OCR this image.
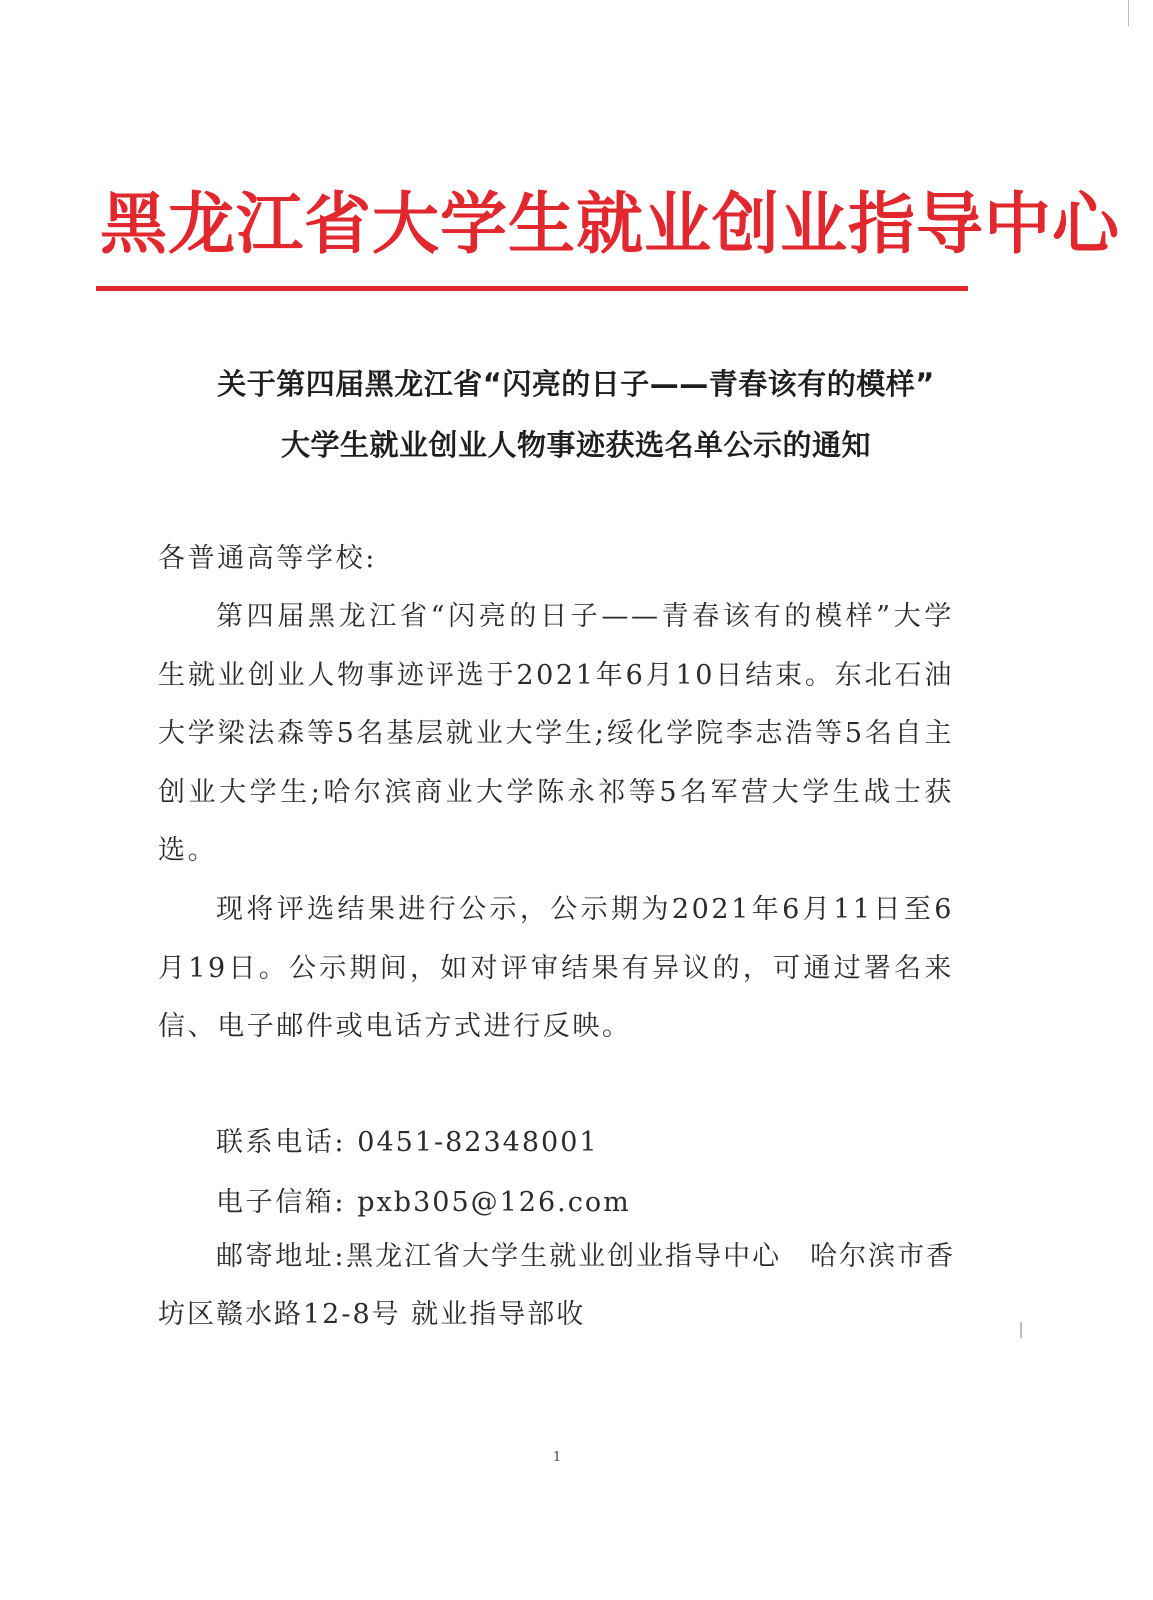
黑龙江省大学生就业创业指导中心
关于第四届黑龙江省“闪亮的日子——青春该有的模样”
大学生就业创业人物事迹获选名单公示的通知
各普通高等学校:
第四届黑龙江省“闪亮的日子——青春该有的模样”大学生就业创业人物事迹评选于2021年6月10日结束。东北石油大学梁法森等5名基层就业大学生;绥化学院李志浩等5名自主创业大学生;哈尔滨商业大学陈永祁等5名军营大学生战士获选。
现将评选结果进行公示，公示期为2021年6月11日至6月19日。公示期间，如对评审结果有异议的，可通过署名来信、电子邮件或电话方式进行反映。
联系电话: 0451-82348001
电子信箱: pxb305@126.com
邮寄地址:黑龙江省大学生就业创业指导中心　哈尔滨市香坊区赣水路12-8号 就业指导部收
1
